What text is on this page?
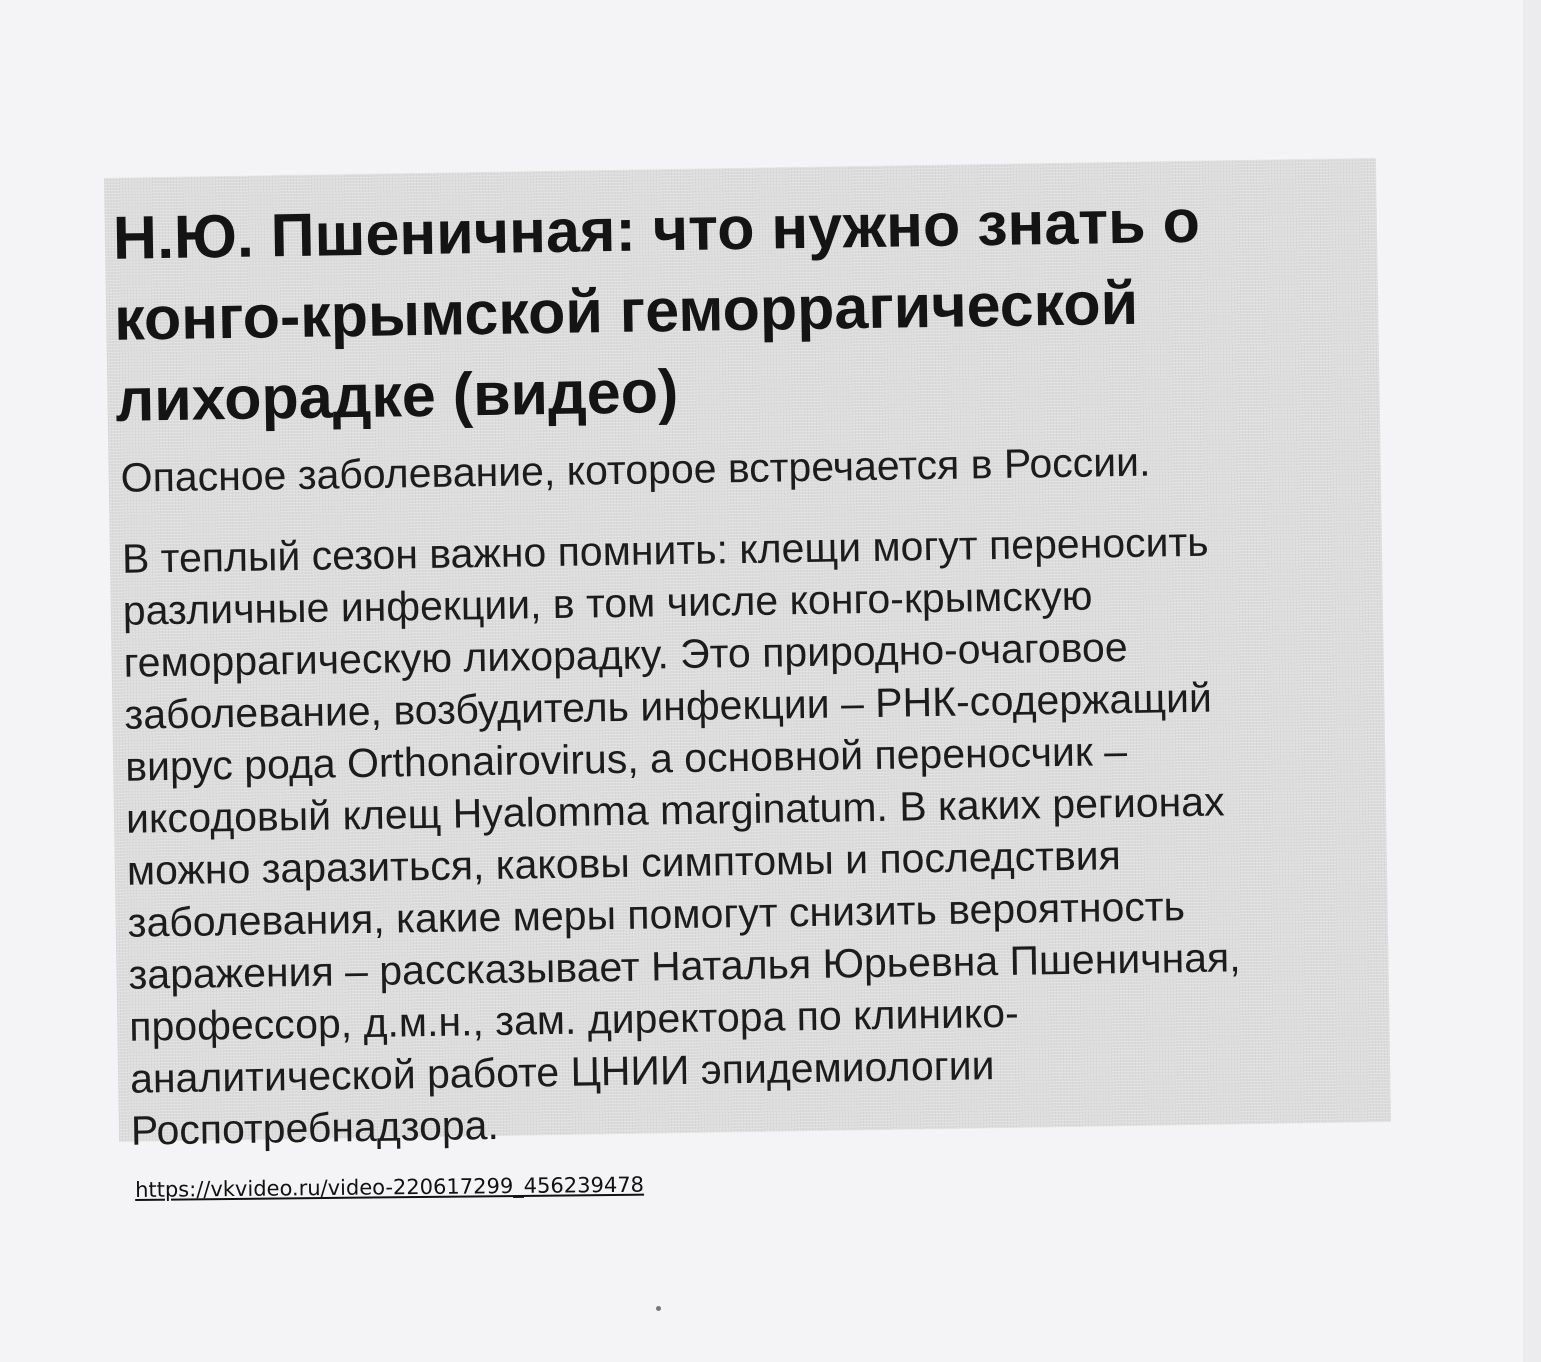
Н.Ю. Пшеничная: что нужно знать о
конго-крымской геморрагической
лихорадке (видео)

Опасное заболевание, которое встречается в России.

В теплый сезон важно помнить: клещи могут переносить
различные инфекции, в том числе конго-крымскую
геморрагическую лихорадку. Это природно-очаговое
заболевание, возбудитель инфекции – РНК-содержащий
вирус рода Orthonairovirus, а основной переносчик –
иксодовый клещ Hyalomma marginatum. В каких регионах
можно заразиться, каковы симптомы и последствия
заболевания, какие меры помогут снизить вероятность
заражения – рассказывает Наталья Юрьевна Пшеничная,
профессор, д.м.н., зам. директора по клинико-
аналитической работе ЦНИИ эпидемиологии
Роспотребнадзора.

https://vkvideo.ru/video-220617299_456239478
